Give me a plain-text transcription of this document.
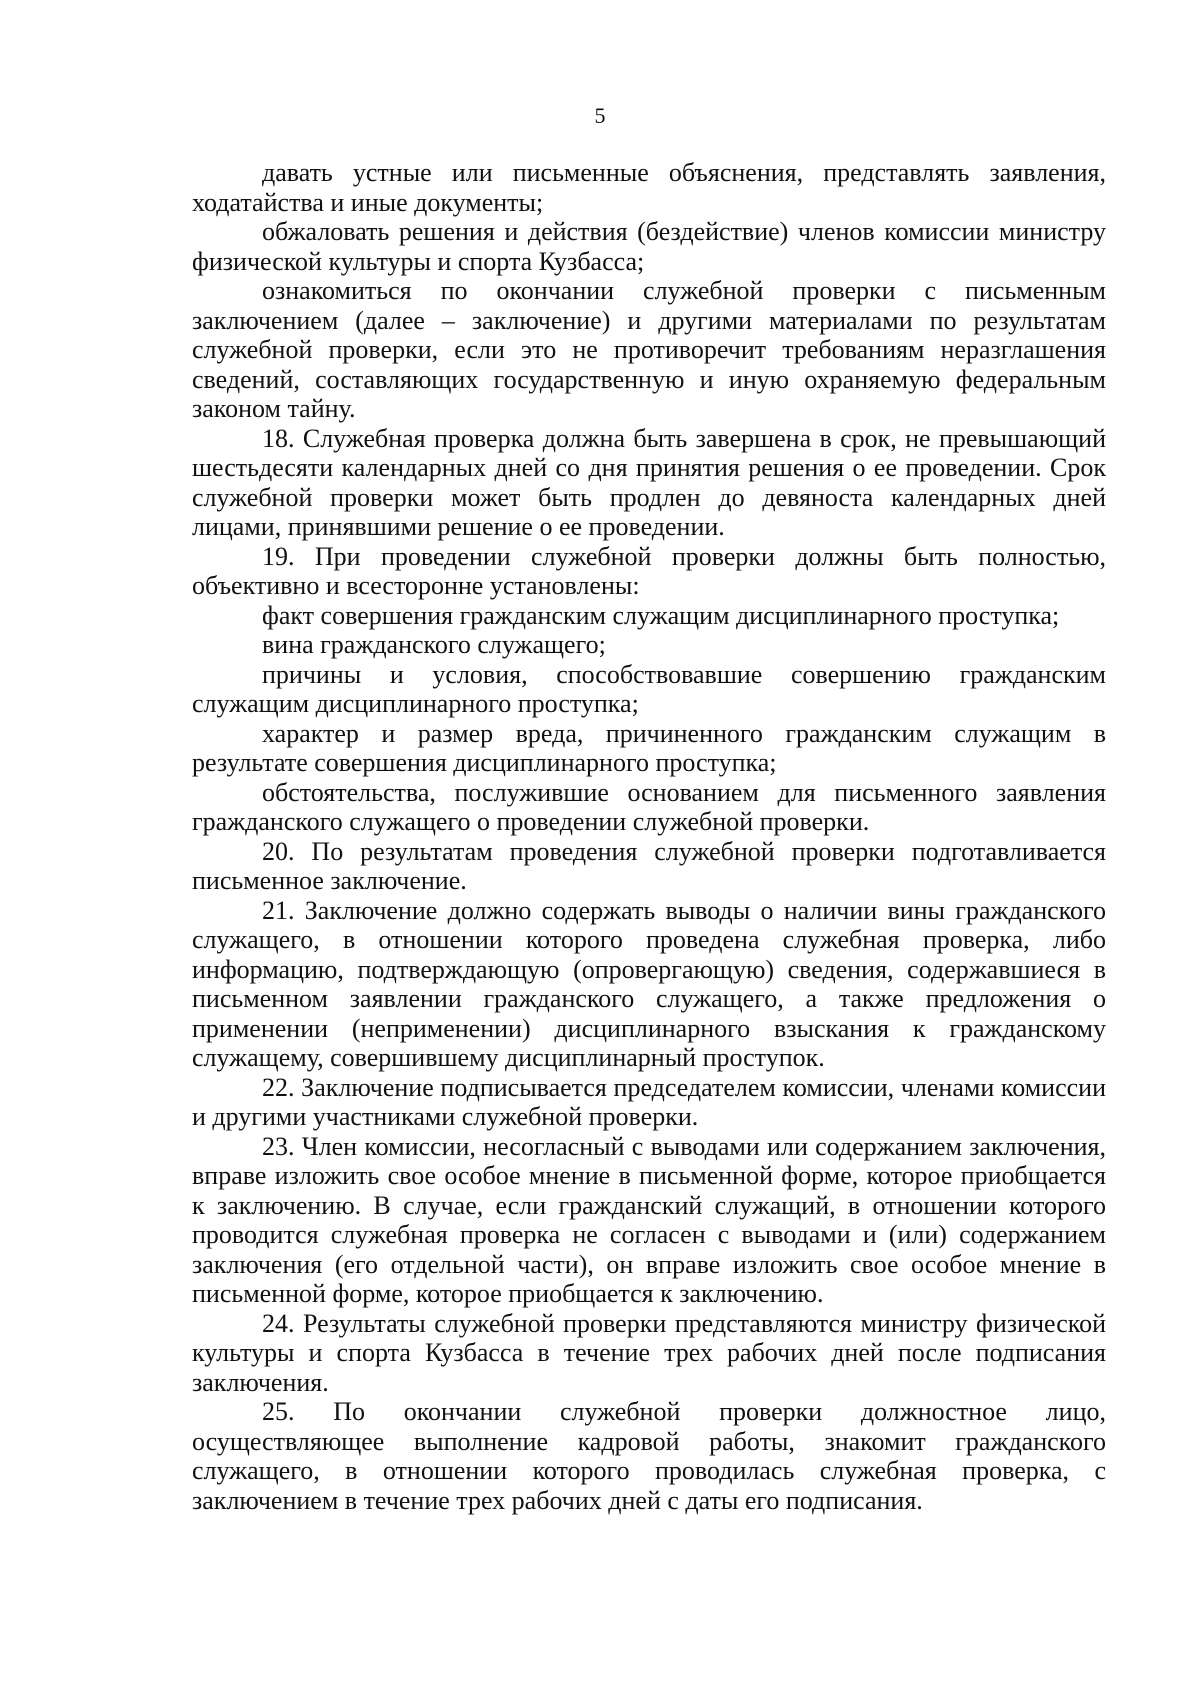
5

давать устные или письменные объяснения, представлять заявления, ходатайства и иные документы;

обжаловать решения и действия (бездействие) членов комиссии министру физической культуры и спорта Кузбасса;

ознакомиться по окончании служебной проверки с письменным заключением (далее – заключение) и другими материалами по результатам служебной проверки, если это не противоречит требованиям неразглашения сведений, составляющих государственную и иную охраняемую федеральным законом тайну.

18. Служебная проверка должна быть завершена в срок, не превышающий шестьдесяти календарных дней со дня принятия решения о ее проведении. Срок служебной проверки может быть продлен до девяноста календарных дней лицами, принявшими решение о ее проведении.

19. При проведении служебной проверки должны быть полностью, объективно и всесторонне установлены:

факт совершения гражданским служащим дисциплинарного проступка;

вина гражданского служащего;

причины и условия, способствовавшие совершению гражданским служащим дисциплинарного проступка;

характер и размер вреда, причиненного гражданским служащим в результате совершения дисциплинарного проступка;

обстоятельства, послужившие основанием для письменного заявления гражданского служащего о проведении служебной проверки.

20. По результатам проведения служебной проверки подготавливается письменное заключение.

21. Заключение должно содержать выводы о наличии вины гражданского служащего, в отношении которого проведена служебная проверка, либо информацию, подтверждающую (опровергающую) сведения, содержавшиеся в письменном заявлении гражданского служащего, а также предложения о применении (неприменении) дисциплинарного взыскания к гражданскому служащему, совершившему дисциплинарный проступок.

22. Заключение подписывается председателем комиссии, членами комиссии и другими участниками служебной проверки.

23. Член комиссии, несогласный с выводами или содержанием заключения, вправе изложить свое особое мнение в письменной форме, которое приобщается к заключению. В случае, если гражданский служащий, в отношении которого проводится служебная проверка не согласен с выводами и (или) содержанием заключения (его отдельной части), он вправе изложить свое особое мнение в письменной форме, которое приобщается к заключению.

24. Результаты служебной проверки представляются министру физической культуры и спорта Кузбасса в течение трех рабочих дней после подписания заключения.

25. По окончании служебной проверки должностное лицо, осуществляющее выполнение кадровой работы, знакомит гражданского служащего, в отношении которого проводилась служебная проверка, с заключением в течение трех рабочих дней с даты его подписания.
